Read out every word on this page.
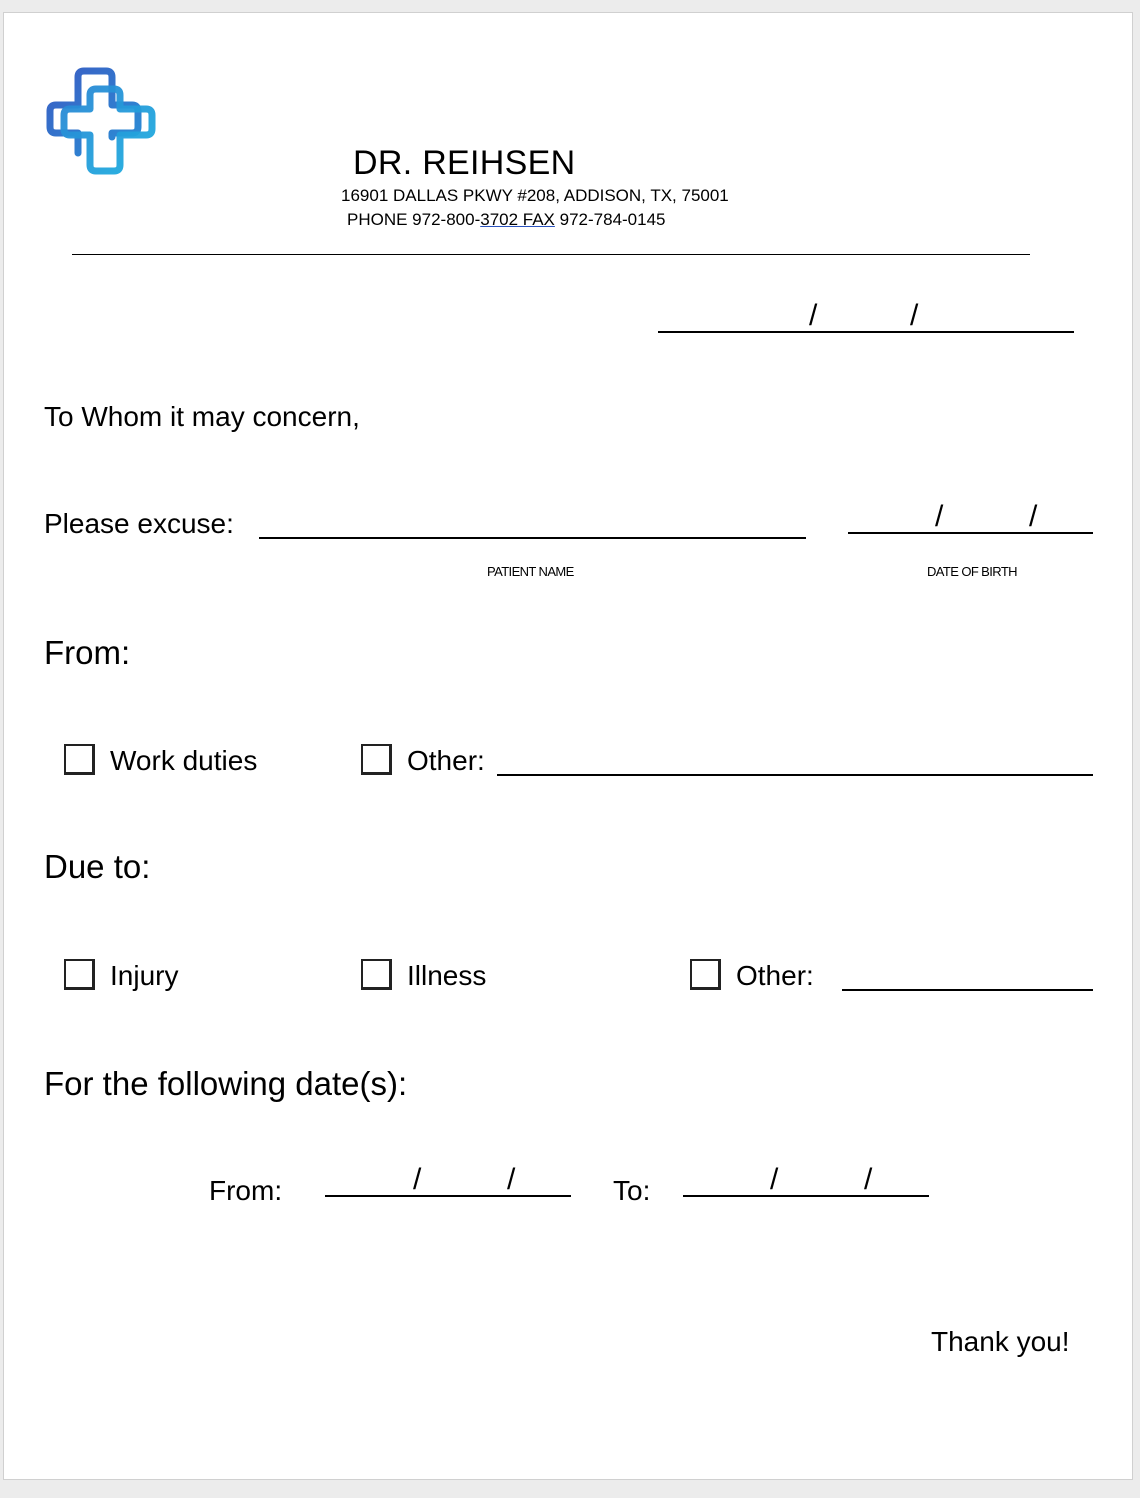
DR. REIHSEN
16901 DALLAS PKWY #208, ADDISON, TX, 75001
PHONE 972-800-3702 FAX 972-784-0145
/	/
To Whom it may concern,
Please excuse:
PATIENT NAME
/	/
DATE OF BIRTH
From:
Work duties	Other:
Due to:
Injury	Illness	Other:
For the following date(s):
From:	/	/	To:	/	/
Thank you!
